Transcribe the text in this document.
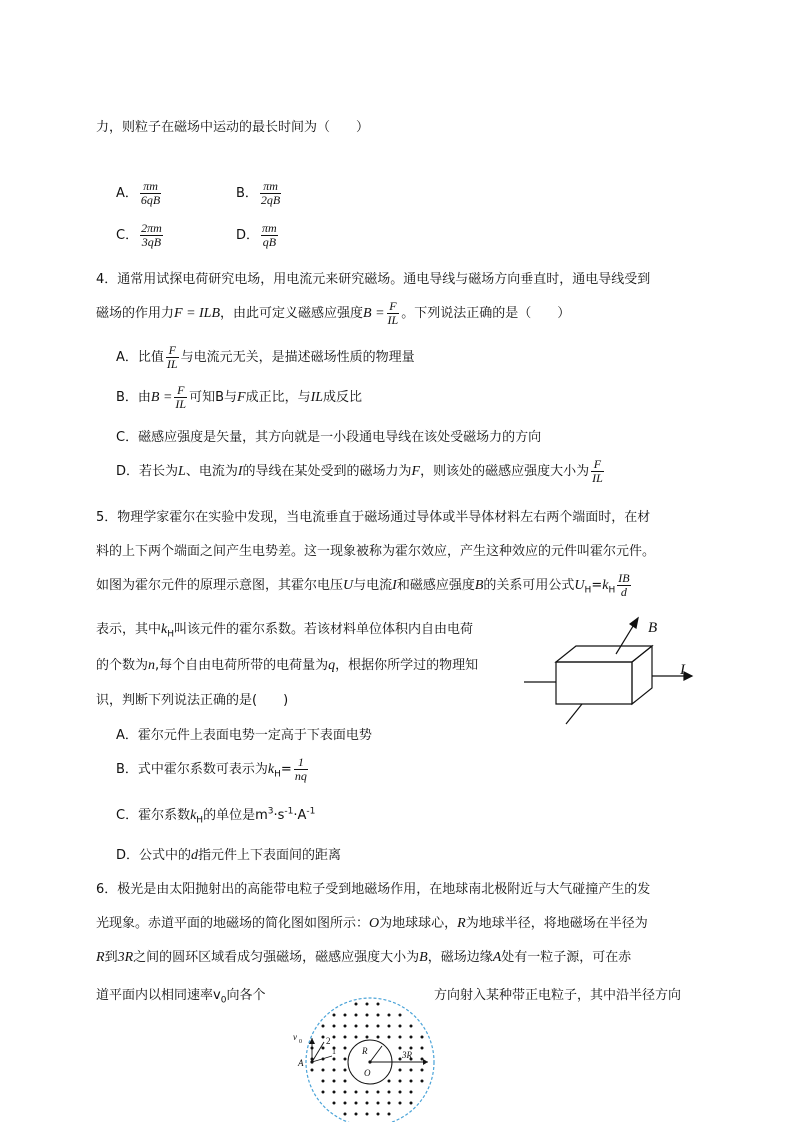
力，则粒子在磁场中运动的最长时间为（　　）
A． $\frac{\pi m}{6qB}$	B． $\frac{\pi m}{2qB}$
C． $\frac{2\pi m}{3qB}$	D． $\frac{\pi m}{qB}$
4．通常用试探电荷研究电场，用电流元来研究磁场。通电导线与磁场方向垂直时，通电导线受到
磁场的作用力F = ILB，由此可定义磁感应强度$B = \frac{F}{IL}$ 。下列说法正确的是（　　）
A．比值 $\frac{F}{IL}$ 与电流元无关，是描述磁场性质的物理量
B．由$B = \frac{F}{IL}$ 可知B与F成正比，与IL成反比
C．磁感应强度是矢量，其方向就是一小段通电导线在该处受磁场力的方向
D．若长为L、电流为I的导线在某处受到的磁场力为F，则该处的磁感应强度大小为 $\frac{F}{IL}$
5．物理学家霍尔在实验中发现，当电流垂直于磁场通过导体或半导体材料左右两个端面时，在材
料的上下两个端面之间产生电势差。这一现象被称为霍尔效应，产生这种效应的元件叫霍尔元件。
如图为霍尔元件的原理示意图，其霍尔电压U与电流I和磁感应强度B的关系可用公式$U_H=k_H \frac{IB}{d}$
表示，其中$k_H$叫该元件的霍尔系数。若该材料单位体积内自由电荷
的个数为n,每个自由电荷所带的电荷量为q，根据你所学过的物理知
识，判断下列说法正确的是(　　)
B
I
A．霍尔元件上表面电势一定高于下表面电势
B．式中霍尔系数可表示为$k_H= \frac{1}{nq}$
C．霍尔系数$k_H$的单位是$m^3\cdot s^{-1}\cdot A^{-1}$
D．公式中的d指元件上下表面间的距离
6．极光是由太阳抛射出的高能带电粒子受到地磁场作用，在地球南北极附近与大气碰撞产生的发
光现象。赤道平面的地磁场的简化图如图所示：O为地球球心，R为地球半径，将地磁场在半径为
R到3R之间的圆环区域看成匀强磁场，磁感应强度大小为B，磁场边缘A处有一粒子源，可在赤
道平面内以相同速率$v_0$向各个	方向射入某种带正电粒子，其中沿半径方向
v 0
A
2
1	R
O
3R
